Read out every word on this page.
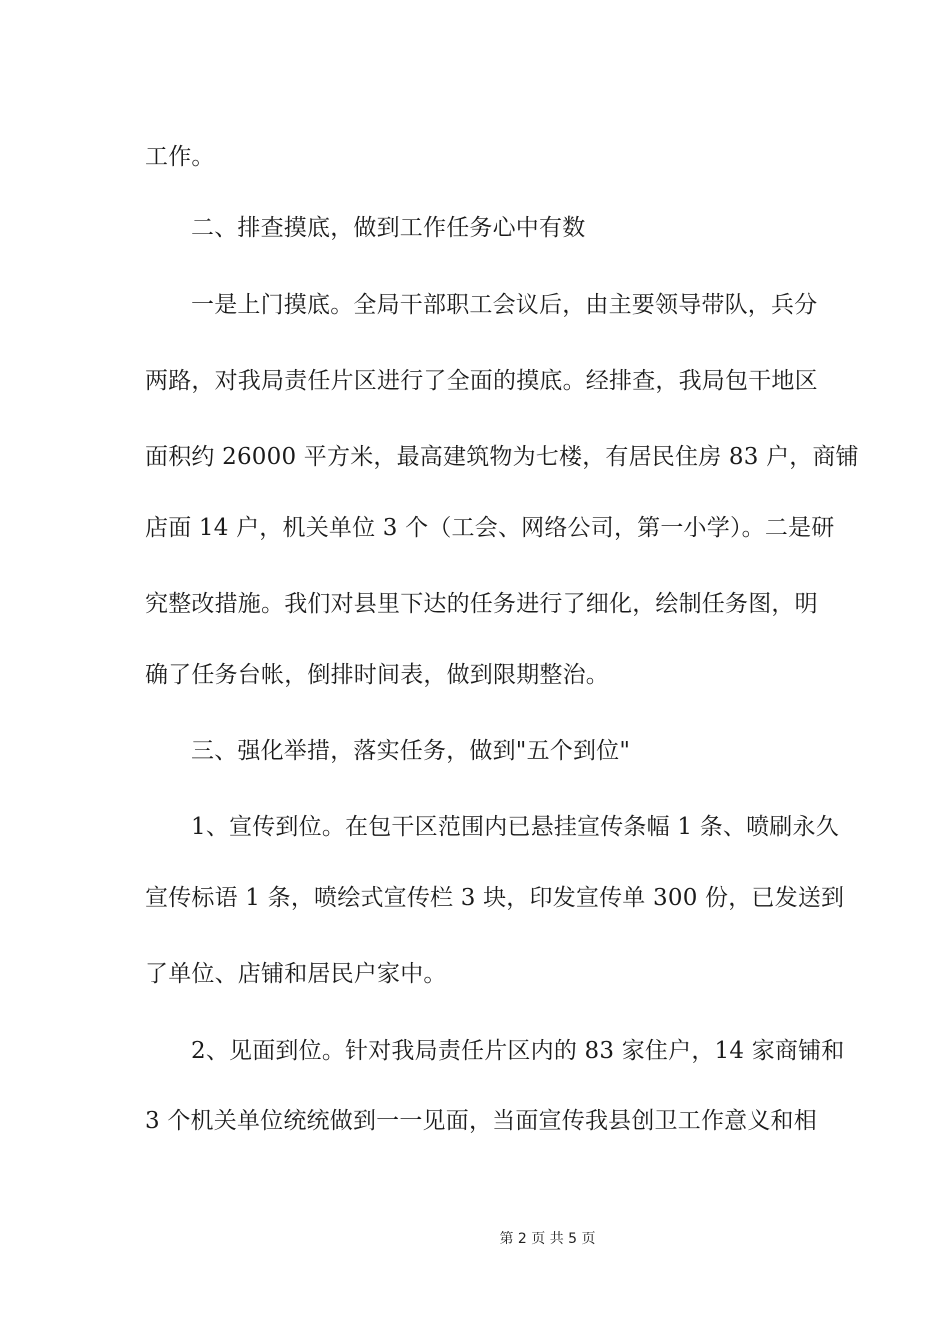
工作。
二、排查摸底，做到工作任务心中有数
一是上门摸底。全局干部职工会议后，由主要领导带队，兵分
两路，对我局责任片区进行了全面的摸底。经排查，我局包干地区
面积约 26000 平方米，最高建筑物为七楼，有居民住房 83 户，商铺
店面 14 户，机关单位 3 个（工会、网络公司，第一小学）。二是研
究整改措施。我们对县里下达的任务进行了细化，绘制任务图，明
确了任务台帐，倒排时间表，做到限期整治。
三、强化举措，落实任务，做到"五个到位"
1、宣传到位。在包干区范围内已悬挂宣传条幅 1 条、喷刷永久
宣传标语 1 条，喷绘式宣传栏 3 块，印发宣传单 300 份，已发送到
了单位、店铺和居民户家中。
2、见面到位。针对我局责任片区内的 83 家住户，14 家商铺和
3 个机关单位统统做到一一见面，当面宣传我县创卫工作意义和相
第 2 页 共 5 页
